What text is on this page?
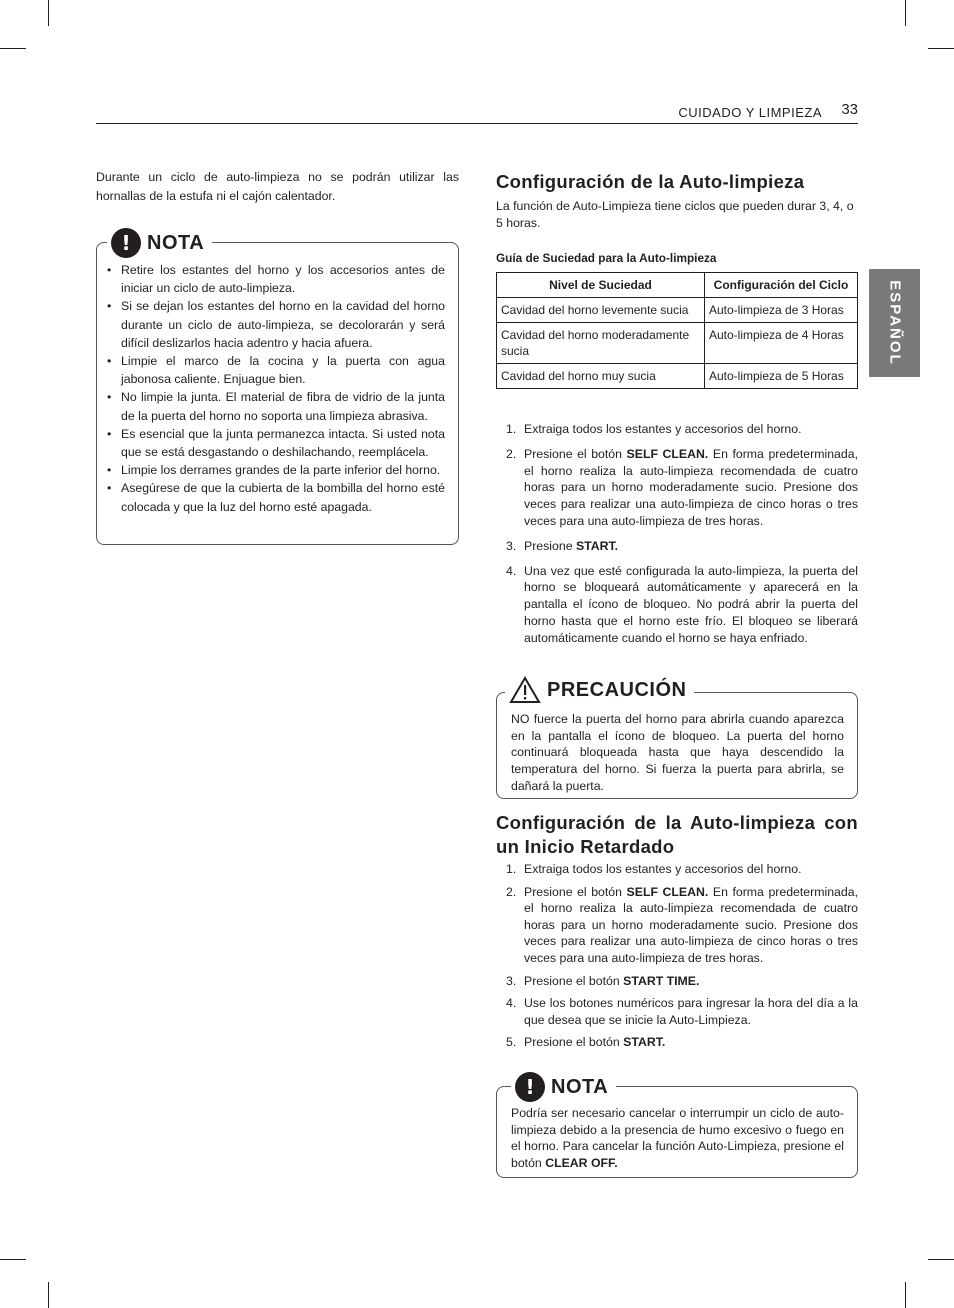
CUIDADO Y LIMPIEZA 33
ESPAÑOL

Durante un ciclo de auto-limpieza no se podrán utilizar las hornallas de la estufa ni el cajón calentador.

! NOTA
• Retire los estantes del horno y los accesorios antes de iniciar un ciclo de auto-limpieza.
• Si se dejan los estantes del horno en la cavidad del horno durante un ciclo de auto-limpieza, se decolorarán y será difícil deslizarlos hacia adentro y hacia afuera.
• Limpie el marco de la cocina y la puerta con agua jabonosa caliente. Enjuague bien.
• No limpie la junta. El material de fibra de vidrio de la junta de la puerta del horno no soporta una limpieza abrasiva.
• Es esencial que la junta permanezca intacta. Si usted nota que se está desgastando o deshilachando, reemplácela.
• Limpie los derrames grandes de la parte inferior del horno.
• Asegúrese de que la cubierta de la bombilla del horno esté colocada y que la luz del horno esté apagada.
Configuración de la Auto-limpieza

La función de Auto-Limpieza tiene ciclos que pueden durar 3, 4, o 5 horas.

Guía de Suciedad para la Auto-limpieza

Nivel de Suciedad	Configuración del Ciclo
Cavidad del horno levemente sucia	Auto-limpieza de 3 Horas
Cavidad del horno moderadamente sucia	Auto-limpieza de 4 Horas
Cavidad del horno muy sucia	Auto-limpieza de 5 Horas
1. Extraiga todos los estantes y accesorios del horno.
2. Presione el botón SELF CLEAN. En forma predeterminada, el horno realiza la auto-limpieza recomendada de cuatro horas para un horno moderadamente sucio. Presione dos veces para realizar una auto-limpieza de cinco horas o tres veces para una auto-limpieza de tres horas.
3. Presione START.
4. Una vez que esté configurada la auto-limpieza, la puerta del horno se bloqueará automáticamente y aparecerá en la pantalla el ícono de bloqueo. No podrá abrir la puerta del horno hasta que el horno este frío. El bloqueo se liberará automáticamente cuando el horno se haya enfriado.
PRECAUCIÓN

NO fuerce la puerta del horno para abrirla cuando aparezca en la pantalla el ícono de bloqueo. La puerta del horno continuará bloqueada hasta que haya descendido la temperatura del horno. Si fuerza la puerta para abrirla, se dañará la puerta.

Configuración de la Auto-limpieza con un Inicio Retardado
1. Extraiga todos los estantes y accesorios del horno.
2. Presione el botón SELF CLEAN. En forma predeterminada, el horno realiza la auto-limpieza recomendada de cuatro horas para un horno moderadamente sucio. Presione dos veces para realizar una auto-limpieza de cinco horas o tres veces para una auto-limpieza de tres horas.
3. Presione el botón START TIME.
4. Use los botones numéricos para ingresar la hora del día a la que desea que se inicie la Auto-Limpieza.
5. Presione el botón START.
! NOTA

Podría ser necesario cancelar o interrumpir un ciclo de auto-limpieza debido a la presencia de humo excesivo o fuego en el horno. Para cancelar la función Auto-Limpieza, presione el botón CLEAR OFF.
